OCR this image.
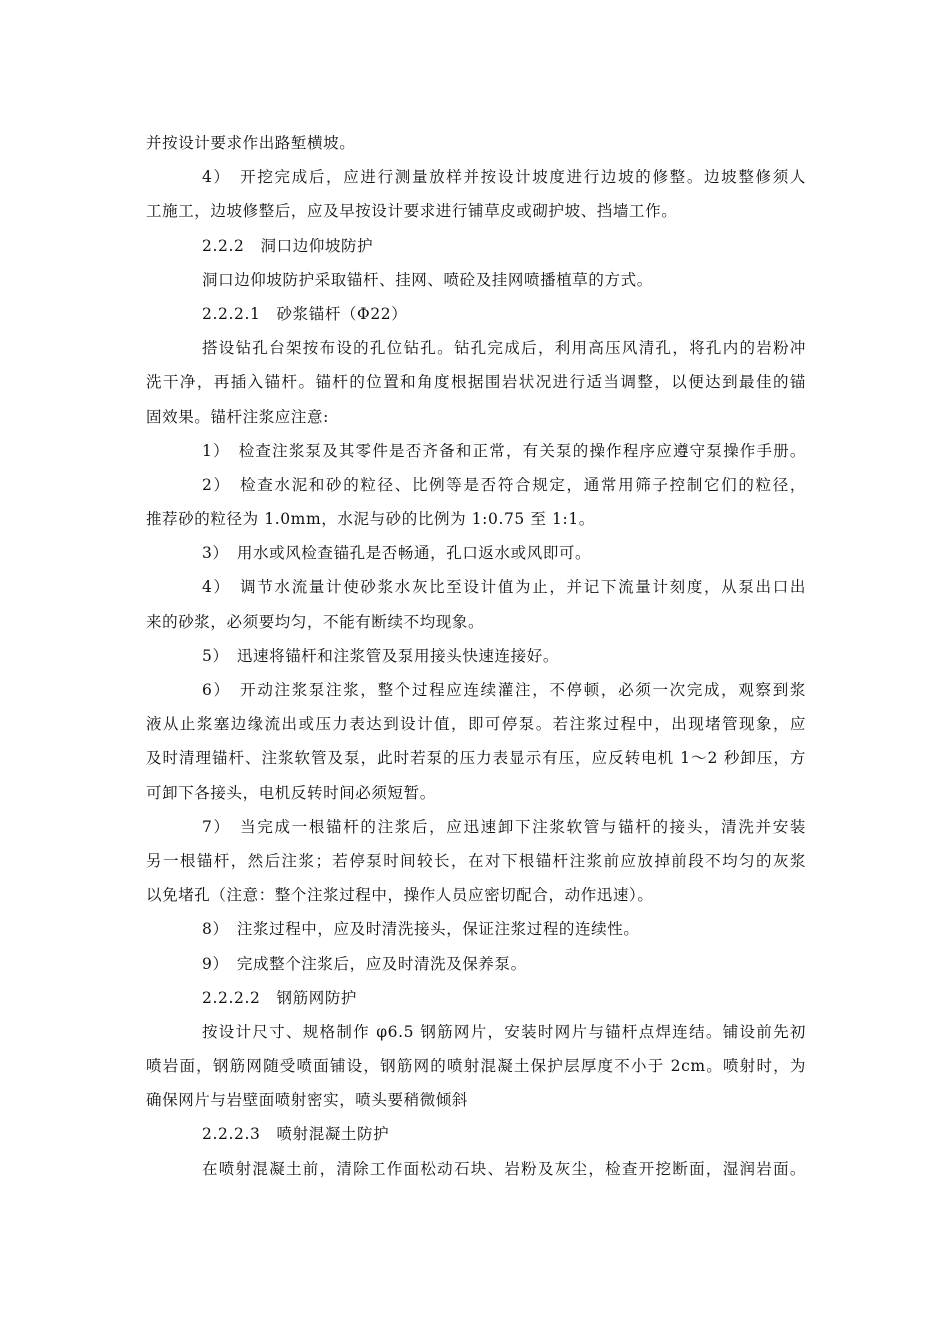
并按设计要求作出路堑横坡。
4）　开挖完成后，应进行测量放样并按设计坡度进行边坡的修整。边坡整修须人
工施工，边坡修整后，应及早按设计要求进行铺草皮或砌护坡、挡墙工作。
2.2.2　洞口边仰坡防护
洞口边仰坡防护采取锚杆、挂网、喷砼及挂网喷播植草的方式。
2.2.2.1　砂浆锚杆（Φ22）
搭设钻孔台架按布设的孔位钻孔。钻孔完成后，利用高压风清孔，将孔内的岩粉冲
洗干净，再插入锚杆。锚杆的位置和角度根据围岩状况进行适当调整，以便达到最佳的锚
固效果。锚杆注浆应注意:
1）　检查注浆泵及其零件是否齐备和正常，有关泵的操作程序应遵守泵操作手册。
2）　检查水泥和砂的粒径、比例等是否符合规定，通常用筛子控制它们的粒径，
推荐砂的粒径为 1.0mm，水泥与砂的比例为 1:0.75 至 1:1。
3）　用水或风检查锚孔是否畅通，孔口返水或风即可。
4）　调节水流量计使砂浆水灰比至设计值为止，并记下流量计刻度，从泵出口出
来的砂浆，必须要均匀，不能有断续不均现象。
5）　迅速将锚杆和注浆管及泵用接头快速连接好。
6）　开动注浆泵注浆，整个过程应连续灌注，不停顿，必须一次完成，观察到浆
液从止浆塞边缘流出或压力表达到设计值，即可停泵。若注浆过程中，出现堵管现象，应
及时清理锚杆、注浆软管及泵，此时若泵的压力表显示有压，应反转电机 1～2 秒卸压，方
可卸下各接头，电机反转时间必须短暂。
7）　当完成一根锚杆的注浆后，应迅速卸下注浆软管与锚杆的接头，清洗并安装
另一根锚杆，然后注浆；若停泵时间较长，在对下根锚杆注浆前应放掉前段不均匀的灰浆
以免堵孔（注意：整个注浆过程中，操作人员应密切配合，动作迅速）。
8）　注浆过程中，应及时清洗接头，保证注浆过程的连续性。
9）　完成整个注浆后，应及时清洗及保养泵。
2.2.2.2　钢筋网防护
按设计尺寸、规格制作 φ6.5 钢筋网片，安装时网片与锚杆点焊连结。铺设前先初
喷岩面，钢筋网随受喷面铺设，钢筋网的喷射混凝土保护层厚度不小于 2cm。喷射时，为
确保网片与岩壁面喷射密实，喷头要稍微倾斜
2.2.2.3　喷射混凝土防护
在喷射混凝土前，清除工作面松动石块、岩粉及灰尘，检查开挖断面，湿润岩面。
